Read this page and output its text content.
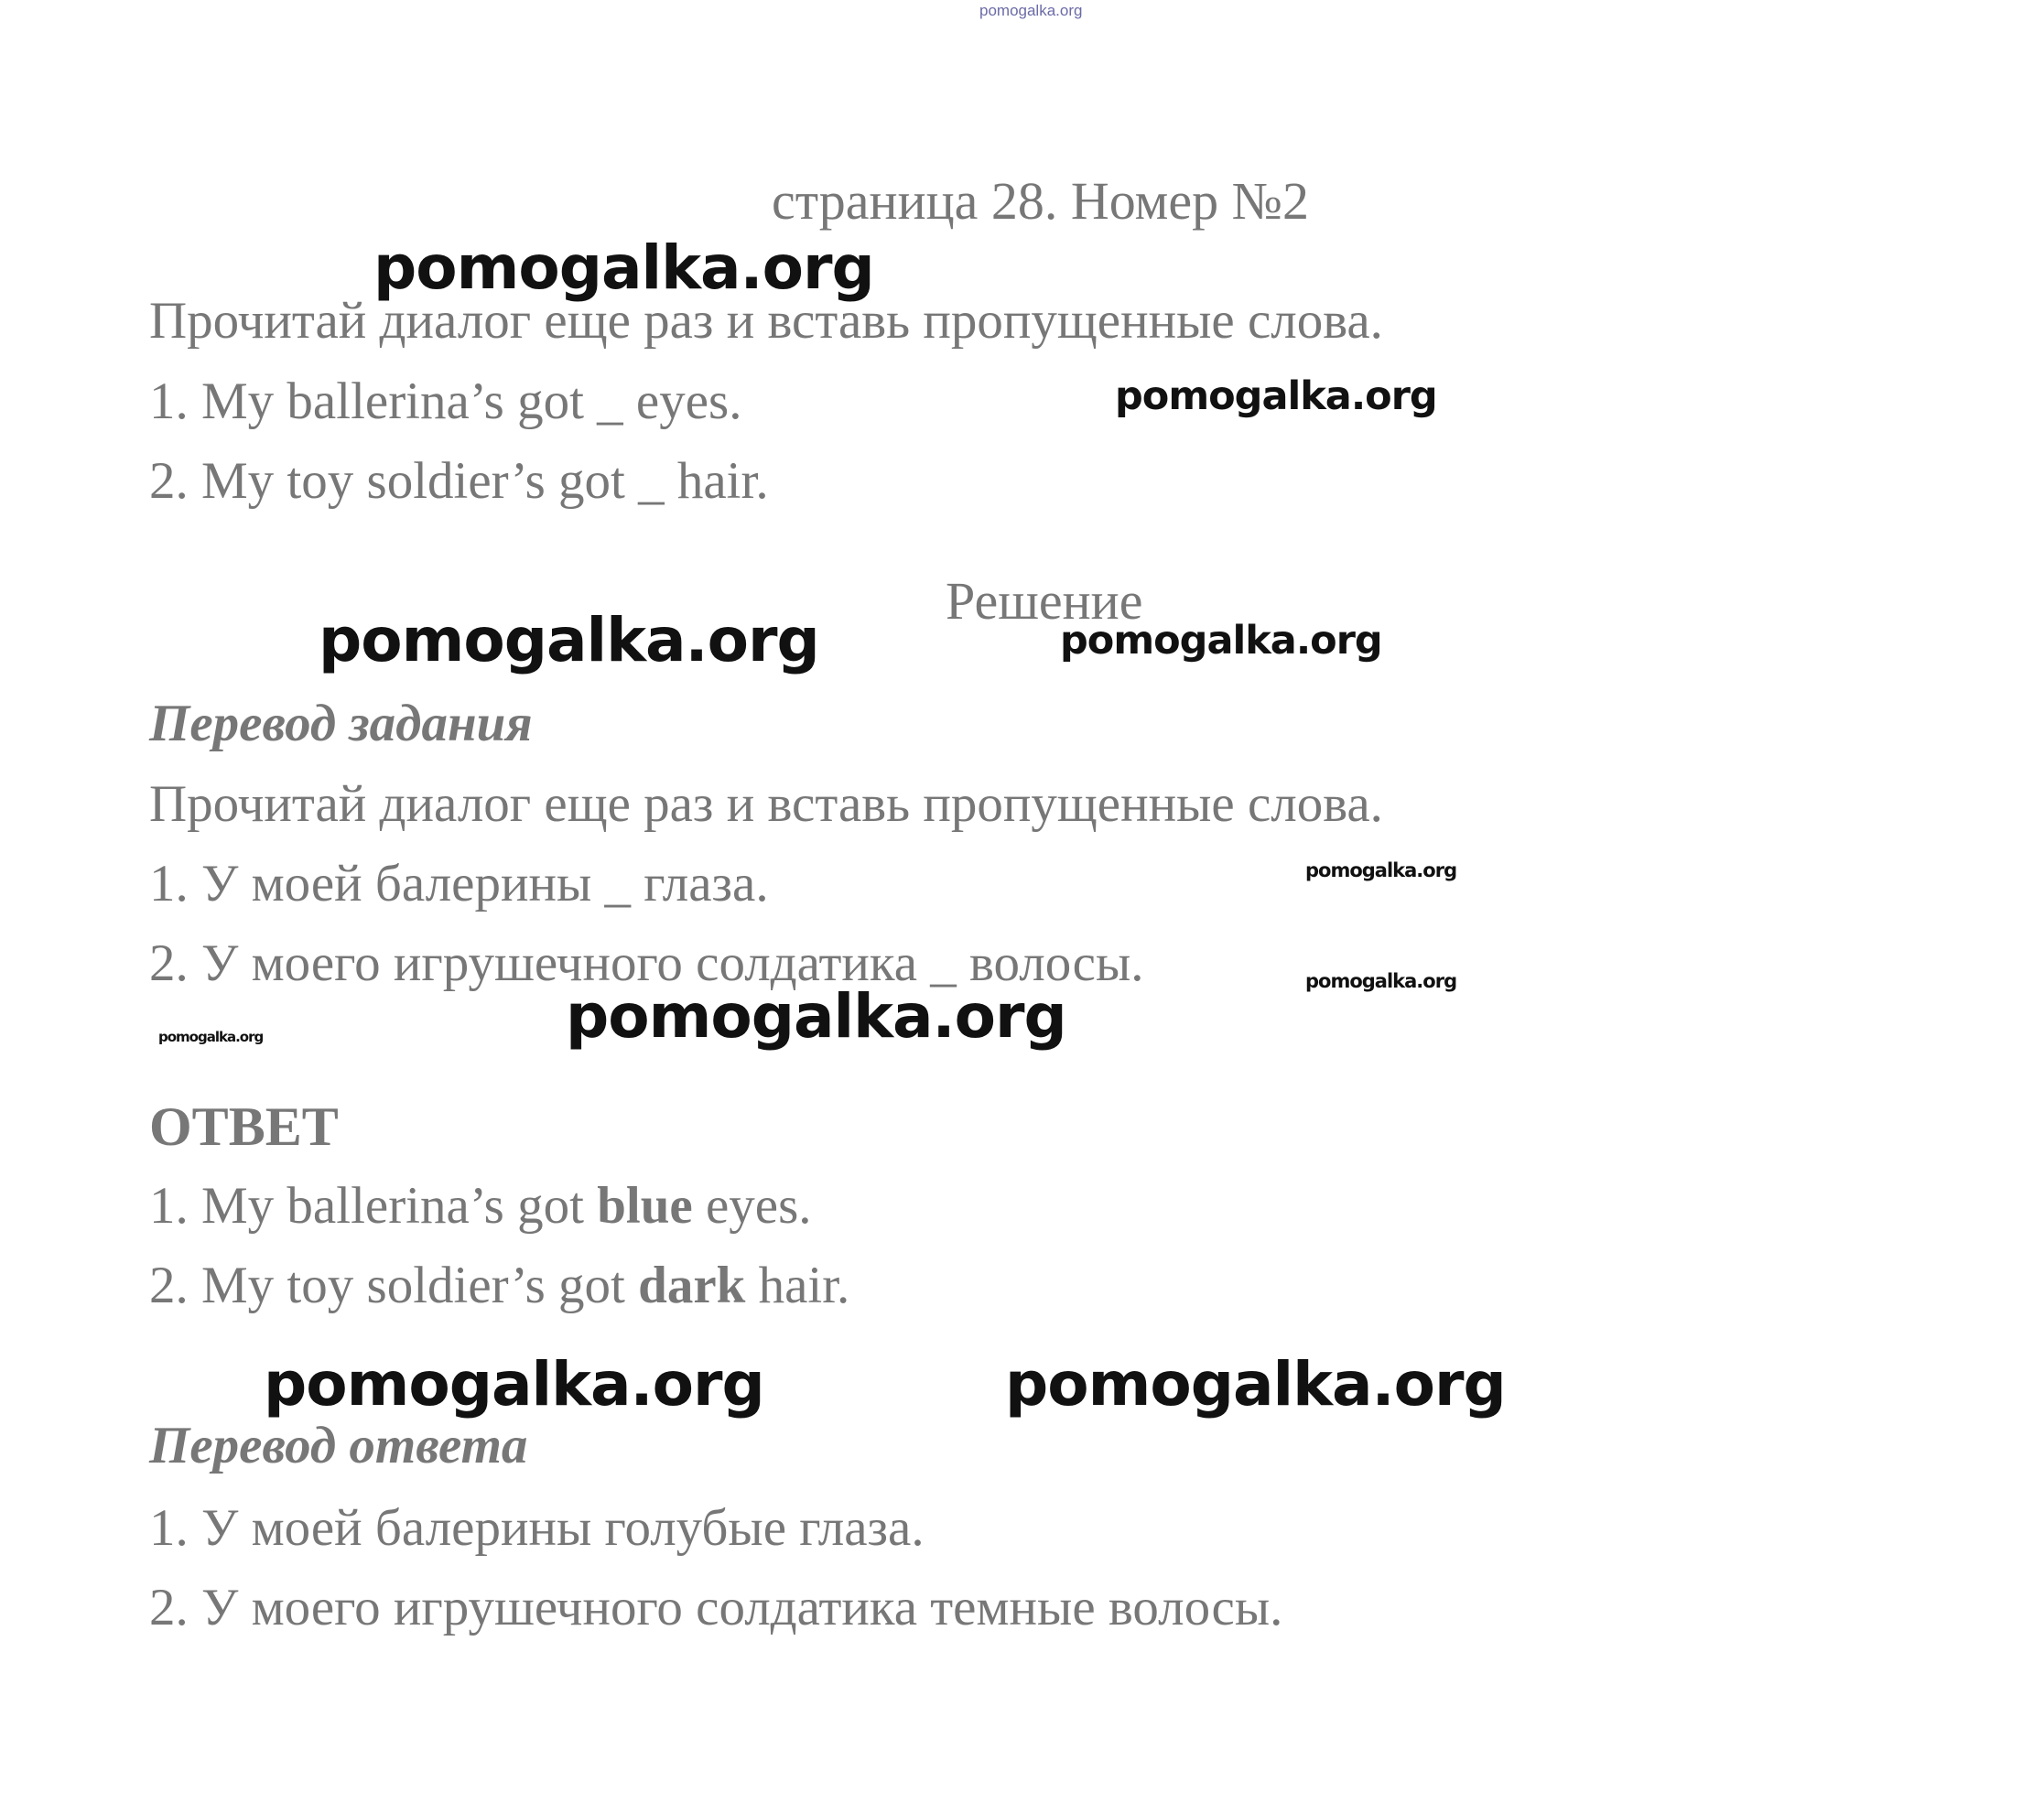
pomogalka.org
страница 28. Номер №2
pomogalka.org
Прочитай диалог еще раз и вставь пропущенные слова.
1. My ballerina’s got _ eyes.	pomogalka.org
2. My toy soldier’s got _ hair.
Решение
pomogalka.org	pomogalka.org
Перевод задания
Прочитай диалог еще раз и вставь пропущенные слова.
1. У моей балерины _ глаза.	pomogalka.org
2. У моего игрушечного солдатика _ волосы.	pomogalka.org
pomogalka.org
pomogalka.org
ОТВЕТ
1. My ballerina’s got blue eyes.
2. My toy soldier’s got dark hair.
pomogalka.org	pomogalka.org
Перевод ответа
1. У моей балерины голубые глаза.
2. У моего игрушечного солдатика темные волосы.
